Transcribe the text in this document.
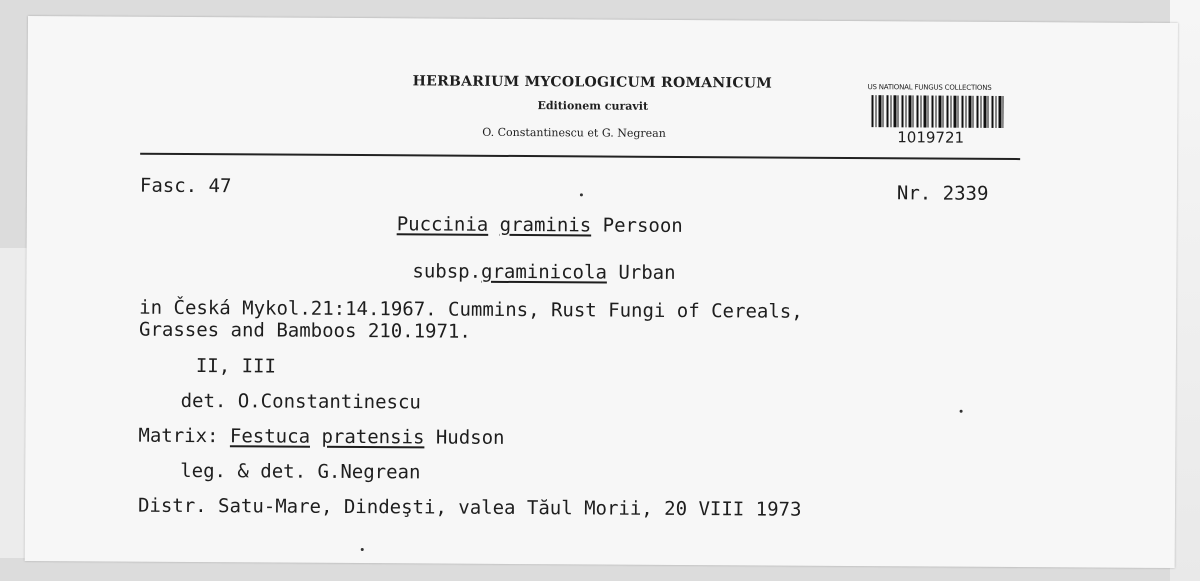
HERBARIUM MYCOLOGICUM ROMANICUM
Editionem curavit
O. Constantinescu et G. Negrean
US NATIONAL FUNGUS COLLECTIONS
1019721
Fasc. 47	Nr. 2339
Puccinia graminis Persoon
subsp.graminicola Urban
in Česká Mykol.21:14.1967. Cummins, Rust Fungi of Cereals,
Grasses and Bamboos 210.1971.
II, III
det. O.Constantinescu
Matrix: Festuca pratensis Hudson
leg. & det. G.Negrean
Distr. Satu-Mare, Dindeşti, valea Tăul Morii, 20 VIII 1973
